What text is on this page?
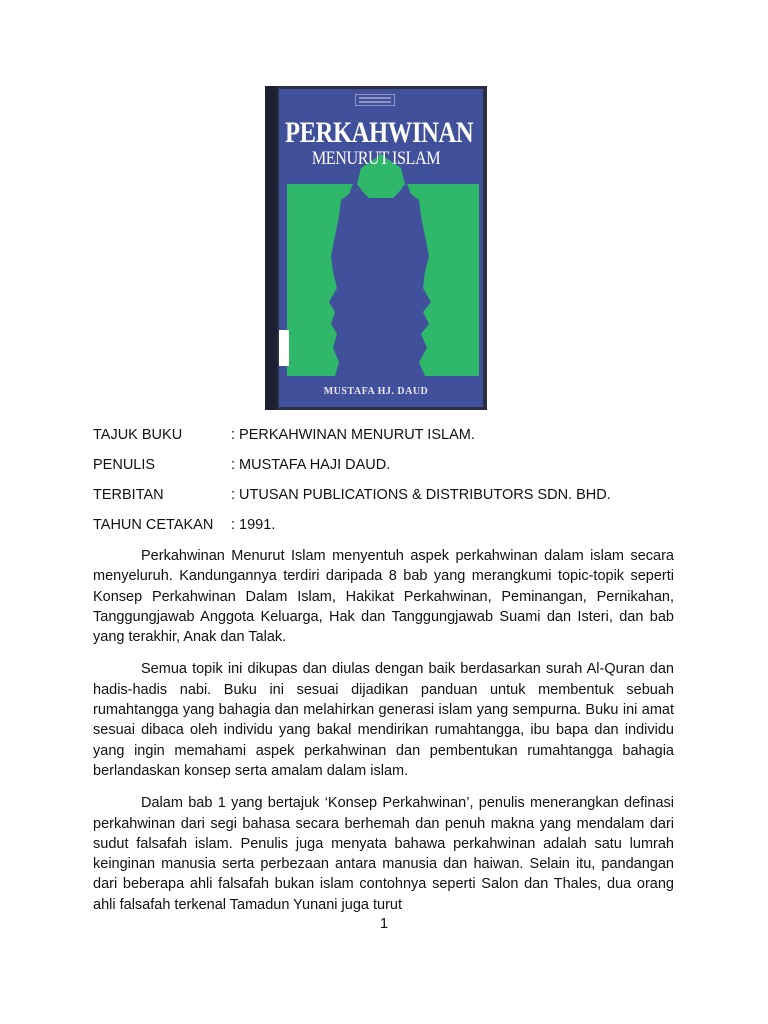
PERKAHWINAN
MENURUT ISLAM
MUSTAFA HJ. DAUD
TAJUK BUKU	: PERKAHWINAN MENURUT ISLAM.
PENULIS	: MUSTAFA HAJI DAUD.
TERBITAN	: UTUSAN PUBLICATIONS & DISTRIBUTORS SDN. BHD.
TAHUN CETAKAN : 1991.

Perkahwinan Menurut Islam menyentuh aspek perkahwinan dalam islam secara menyeluruh. Kandungannya terdiri daripada 8 bab yang merangkumi topic-topik seperti Konsep Perkahwinan Dalam Islam, Hakikat Perkahwinan, Peminangan, Pernikahan, Tanggungjawab Anggota Keluarga, Hak dan Tanggungjawab Suami dan Isteri, dan bab yang terakhir, Anak dan Talak.

Semua topik ini dikupas dan diulas dengan baik berdasarkan surah Al-Quran dan hadis-hadis nabi. Buku ini sesuai dijadikan panduan untuk membentuk sebuah rumahtangga yang bahagia dan melahirkan generasi islam yang sempurna. Buku ini amat sesuai dibaca oleh individu yang bakal mendirikan rumahtangga, ibu bapa dan individu yang ingin memahami aspek perkahwinan dan pembentukan rumahtangga bahagia berlandaskan konsep serta amalam dalam islam.

Dalam bab 1 yang bertajuk ‘Konsep Perkahwinan’, penulis menerangkan definasi perkahwinan dari segi bahasa secara berhemah dan penuh makna yang mendalam dari sudut falsafah islam. Penulis juga menyata bahawa perkahwinan adalah satu lumrah keinginan manusia serta perbezaan antara manusia dan haiwan. Selain itu, pandangan dari beberapa ahli falsafah bukan islam contohnya seperti Salon dan Thales, dua orang ahli falsafah terkenal Tamadun Yunani juga turut

1
